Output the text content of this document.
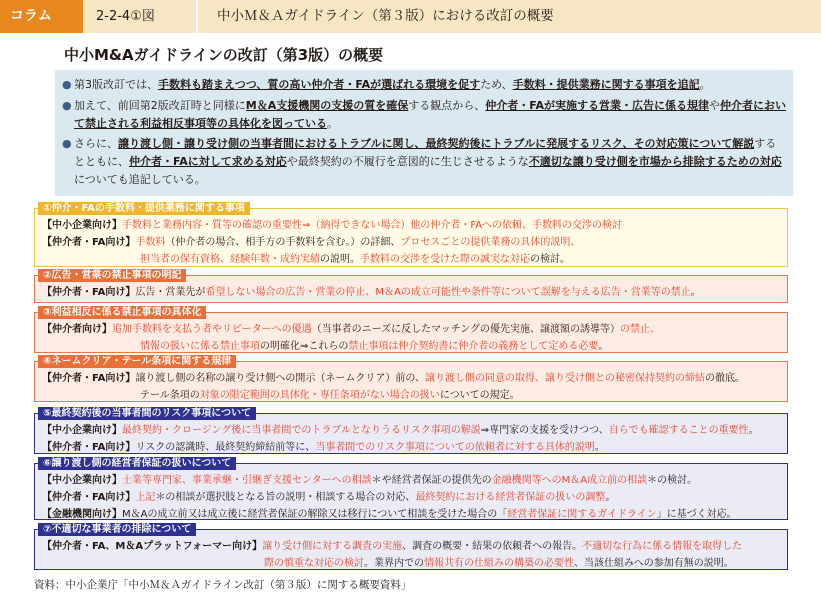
コラム	2-2-4①図	中小Ｍ＆Ａガイドライン（第３版）における改訂の概要
中小M&Aガイドラインの改訂（第3版）の概要
● 第3版改訂では、手数料も踏まえつつ、質の高い仲介者・FAが選ばれる環境を促すため、手数料・提供業務に関する事項を追記。
● 加えて、前回第2版改訂時と同様にM＆A支援機関の支援の質を確保する観点から、仲介者・FAが実施する営業・広告に係る規律や仲介者において禁止される利益相反事項等の具体化を図っている。
● さらに、譲り渡し側・譲り受け側の当事者間におけるトラブルに関し、最終契約後にトラブルに発展するリスク、その対応策について解説するとともに、仲介者・FAに対して求める対応や最終契約の不履行を意図的に生じさせるような不適切な譲り受け側を市場から排除するための対応についても追記している。
①仲介・FAの手数料・提供業務に関する事項
【中小企業向け】手数料と業務内容・質等の確認の重要性⇒（納得できない場合）他の仲介者・FAへの依頼、手数料の交渉の検討
【仲介者・FA向け】手数料（仲介者の場合、相手方の手数料を含む。）の詳細、プロセスごとの提供業務の具体的説明、
担当者の保有資格、経験年数・成約実績の説明。手数料の交渉を受けた際の誠実な対応の検討。
②広告・営業の禁止事項の明記
【仲介者・FA向け】広告・営業先が希望しない場合の広告・営業の停止、M＆Aの成立可能性や条件等について誤解を与える広告・営業等の禁止。
③利益相反に係る禁止事項の具体化
【仲介者向け】追加手数料を支払う者やリピーターへの優遇（当事者のニーズに反したマッチングの優先実施、譲渡額の誘導等）の禁止、
情報の扱いに係る禁止事項の明確化⇒これらの禁止事項は仲介契約書に仲介者の義務として定める必要。
④ネームクリア・テール条項に関する規律
【仲介者・FA向け】譲り渡し側の名称の譲り受け側への開示（ネームクリア）前の、譲り渡し側の同意の取得、譲り受け側との秘密保持契約の締結の徹底。
テール条項の対象の限定範囲の具体化・専任条項がない場合の扱いについての規定。
⑤最終契約後の当事者間のリスク事項について
【中小企業向け】最終契約・クロージング後に当事者間でのトラブルとなりうるリスク事項の解説⇒専門家の支援を受けつつ、自らでも確認することの重要性。
【仲介者・FA向け】リスクの認識時、最終契約締結前等に、当事者間でのリスク事項についての依頼者に対する具体的説明。
⑥譲り渡し側の経営者保証の扱いについて
【中小企業向け】士業等専門家、事業承継・引継ぎ支援センターへの相談＊や経営者保証の提供先の金融機関等へのM＆A成立前の相談＊の検討。
【仲介者・FA向け】上記＊の相談が選択肢となる旨の説明・相談する場合の対応、最終契約における経営者保証の扱いの調整。
【金融機関向け】M＆Aの成立前又は成立後に経営者保証の解除又は移行について相談を受けた場合の「経営者保証に関するガイドライン」に基づく対応。
⑦不適切な事業者の排除について
【仲介者・FA、M＆Aプラットフォーマー向け】譲り受け側に対する調査の実施、調査の概要・結果の依頼者への報告。不適切な行為に係る情報を取得した
際の慎重な対応の検討。業界内での情報共有の仕組みの構築の必要性、当該仕組みへの参加有無の説明。
資料：中小企業庁「中小Ｍ＆Ａガイドライン改訂（第３版）に関する概要資料」
